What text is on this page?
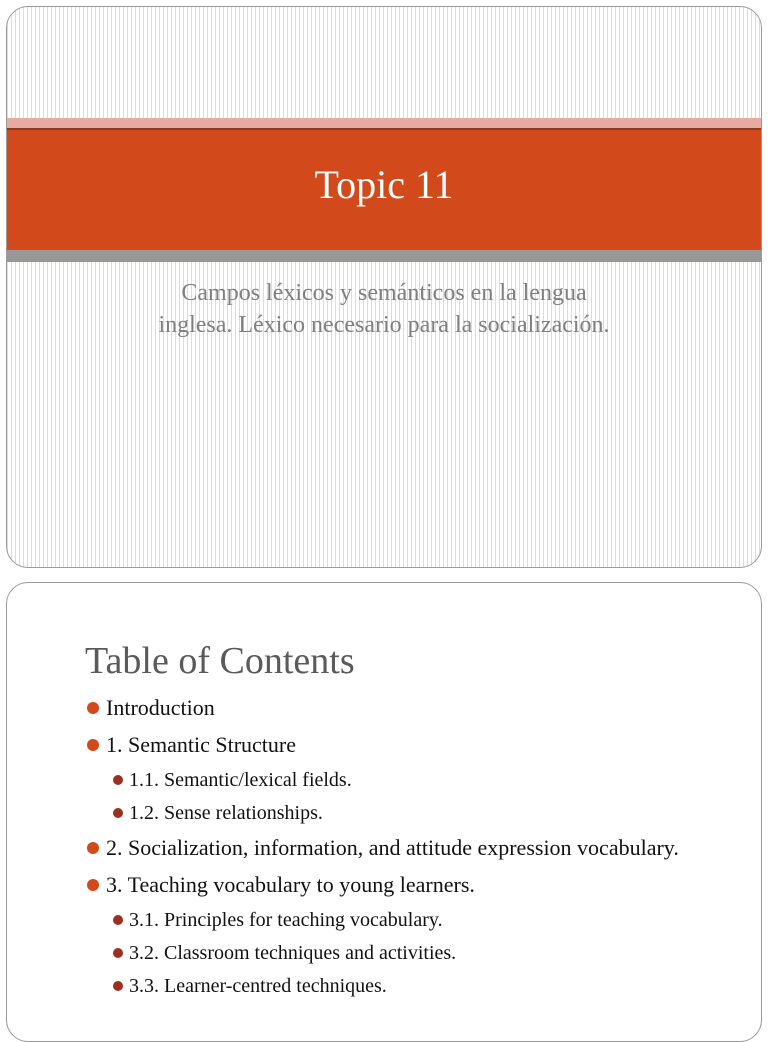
Topic 11

Campos léxicos y semánticos en la lengua
inglesa. Léxico necesario para la socialización.

Table of Contents
Introduction
1. Semantic Structure
1.1. Semantic/lexical fields.
1.2. Sense relationships.
2. Socialization, information, and attitude expression vocabulary.
3. Teaching vocabulary to young learners.
3.1. Principles for teaching vocabulary.
3.2. Classroom techniques and activities.
3.3. Learner-centred techniques.
